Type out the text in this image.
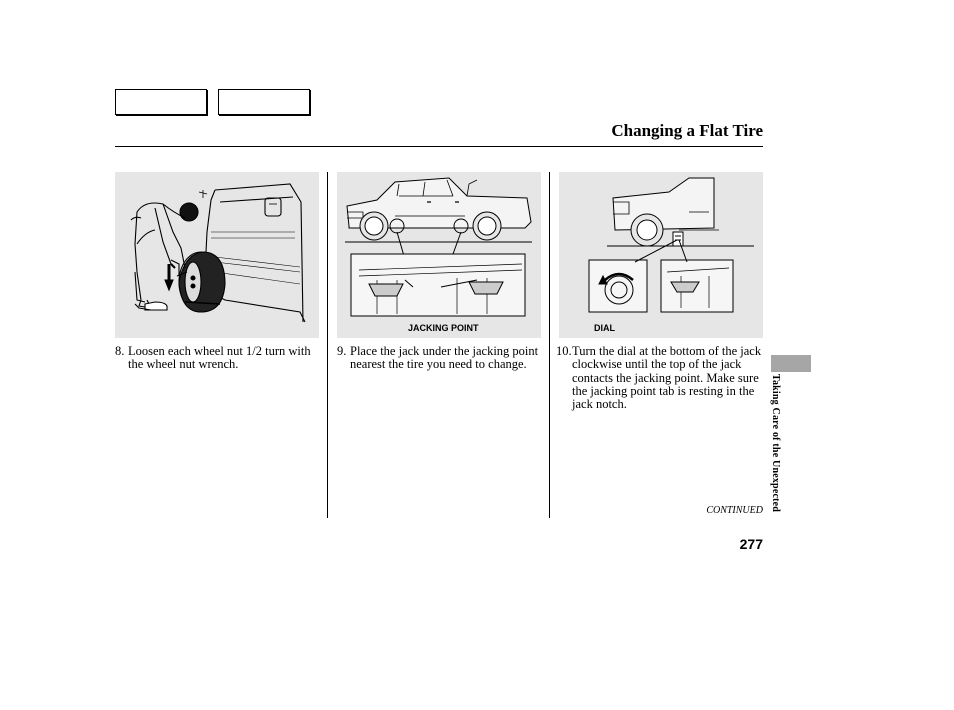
Changing a Flat Tire
JACKING POINT	DIAL
8. Loosen each wheel nut 1/2 turn with the wheel nut wrench.
9. Place the jack under the jacking point nearest the tire you need to change.
10. Turn the dial at the bottom of the jack clockwise until the top of the jack contacts the jacking point. Make sure the jacking point tab is resting in the jack notch.	Taking Care of the Unexpected
CONTINUED
277
